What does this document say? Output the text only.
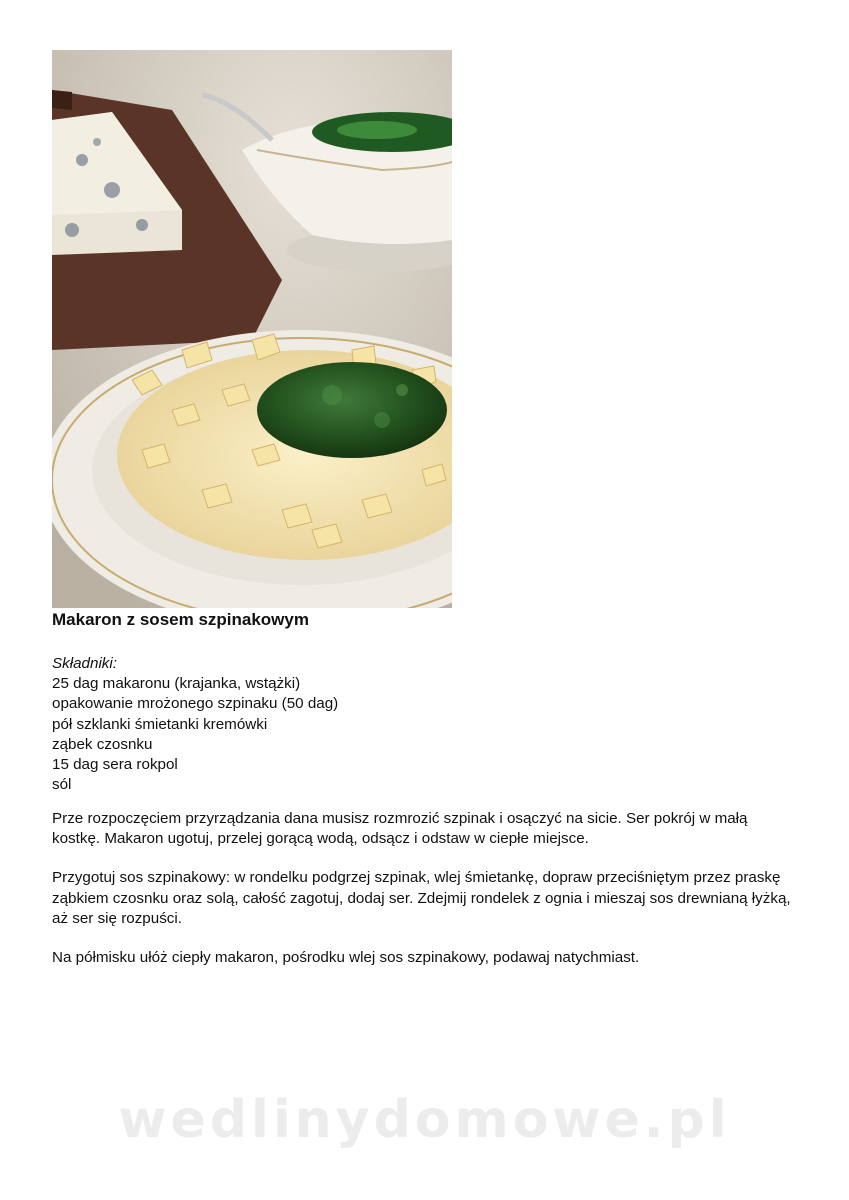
Makaron z sosem szpinakowym
Składniki:
25 dag makaronu (krajanka, wstążki)
opakowanie mrożonego szpinaku (50 dag)
pół szklanki śmietanki kremówki
ząbek czosnku
15 dag sera rokpol
sól

Prze rozpoczęciem przyrządzania dana musisz rozmrozić szpinak i osączyć na sicie. Ser pokrój w małą kostkę. Makaron ugotuj, przelej gorącą wodą, odsącz i odstaw w ciepłe miejsce.

Przygotuj sos szpinakowy: w rondelku podgrzej szpinak, wlej śmietankę, dopraw przeciśniętym przez praskę ząbkiem czosnku oraz solą, całość zagotuj, dodaj ser. Zdejmij rondelek z ognia i mieszaj sos drewnianą łyżką, aż ser się rozpuści.

Na półmisku ułóż ciepły makaron, pośrodku wlej sos szpinakowy, podawaj natychmiast.

wedlinydomowe.pl
